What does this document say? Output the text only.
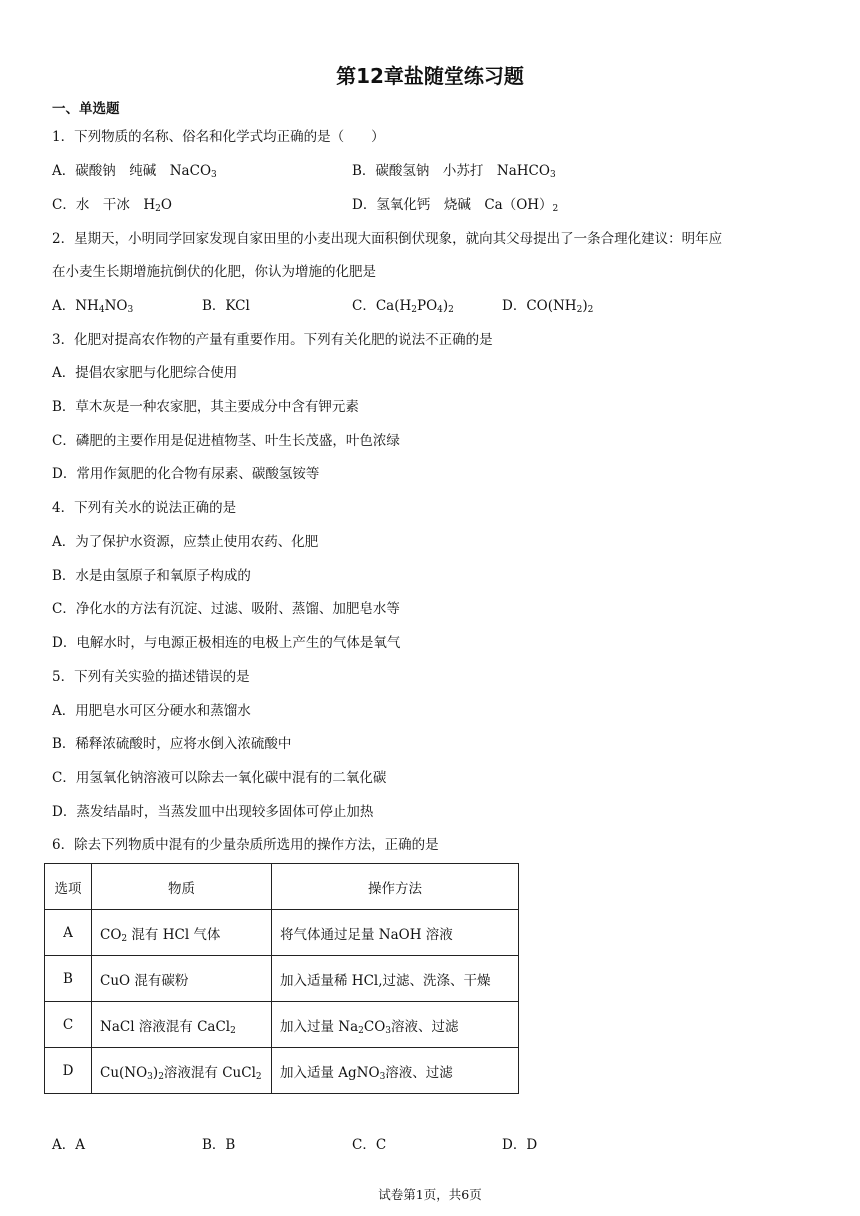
第12章盐随堂练习题
一、单选题
1．下列物质的名称、俗名和化学式均正确的是（　　）
A．碳酸钠　纯碱　NaCO$_3$	B．碳酸氢钠　小苏打　NaHCO$_3$
C．水　干冰　$H_2O$	D．氢氧化钙　烧碱　$Ca(OH)_2$
2．星期天，小明同学回家发现自家田里的小麦出现大面积倒伏现象，就向其父母提出了一条合理化建议：明年应
在小麦生长期增施抗倒伏的化肥，你认为增施的化肥是
A．$NH_4NO_3$	B．KCl	C．$Ca(H_2PO_4)_2$	D．$CO(NH_2)_2$
3．化肥对提高农作物的产量有重要作用。下列有关化肥的说法不正确的是
A．提倡农家肥与化肥综合使用
B．草木灰是一种农家肥，其主要成分中含有钾元素
C．磷肥的主要作用是促进植物茎、叶生长茂盛，叶色浓绿
D．常用作氮肥的化合物有尿素、碳酸氢铵等
4．下列有关水的说法正确的是
A．为了保护水资源，应禁止使用农药、化肥
B．水是由氢原子和氧原子构成的
C．净化水的方法有沉淀、过滤、吸附、蒸馏、加肥皂水等
D．电解水时，与电源正极相连的电极上产生的气体是氧气
5．下列有关实验的描述错误的是
A．用肥皂水可区分硬水和蒸馏水
B．稀释浓硫酸时，应将水倒入浓硫酸中
C．用氢氧化钠溶液可以除去一氧化碳中混有的二氧化碳
D．蒸发结晶时，当蒸发皿中出现较多固体可停止加热
6．除去下列物质中混有的少量杂质所选用的操作方法，正确的是
选项	物质	操作方法
A	$CO_2$ 混有 HCl 气体	将气体通过足量 NaOH 溶液
B	CuO 混有碳粉	加入适量稀 HCl,过滤、洗涤、干燥
C	NaCl 溶液混有 CaCl$_2$	加入过量 $Na_2CO_3$溶液、过滤
D	$Cu(NO_3)_2$溶液混有 CuCl$_2$	加入适量 AgNO$_3$溶液、过滤
A．A	B．B	C．C	D．D
试卷第1页，共6页
